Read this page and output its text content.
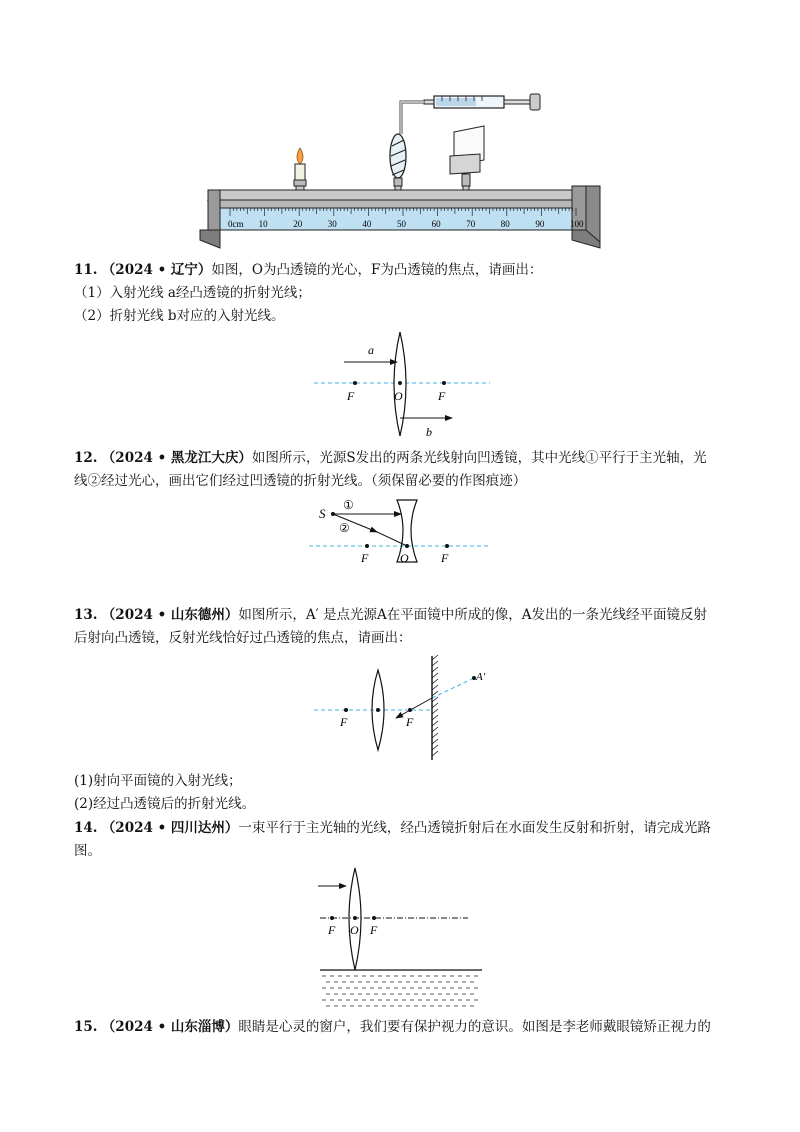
0cm 10	20	30	40	50	60	70	80	90	100
11. （2024 • 辽宁）如图，O为凸透镜的光心，F为凸透镜的焦点，请画出：
（1）入射光线 a经凸透镜的折射光线；
（2）折射光线 b对应的入射光线。
a
b
F	O	F
12. （2024 • 黑龙江大庆）如图所示，光源S发出的两条光线射向凹透镜，其中光线①平行于主光轴，光
线②经过光心，画出它们经过凹透镜的折射光线。（须保留必要的作图痕迹）
S
①
②
F	O	F
13. （2024 • 山东德州）如图所示，A′ 是点光源A在平面镜中所成的像，A发出的一条光线经平面镜反射
后射向凸透镜，反射光线恰好过凸透镜的焦点，请画出：
A′
F	F
(1)射向平面镜的入射光线；
(2)经过凸透镜后的折射光线。
14. （2024 • 四川达州）一束平行于主光轴的光线，经凸透镜折射后在水面发生反射和折射，请完成光路
图。
F O F
15. （2024 • 山东淄博）眼睛是心灵的窗户，我们要有保护视力的意识。如图是李老师戴眼镜矫正视力的
